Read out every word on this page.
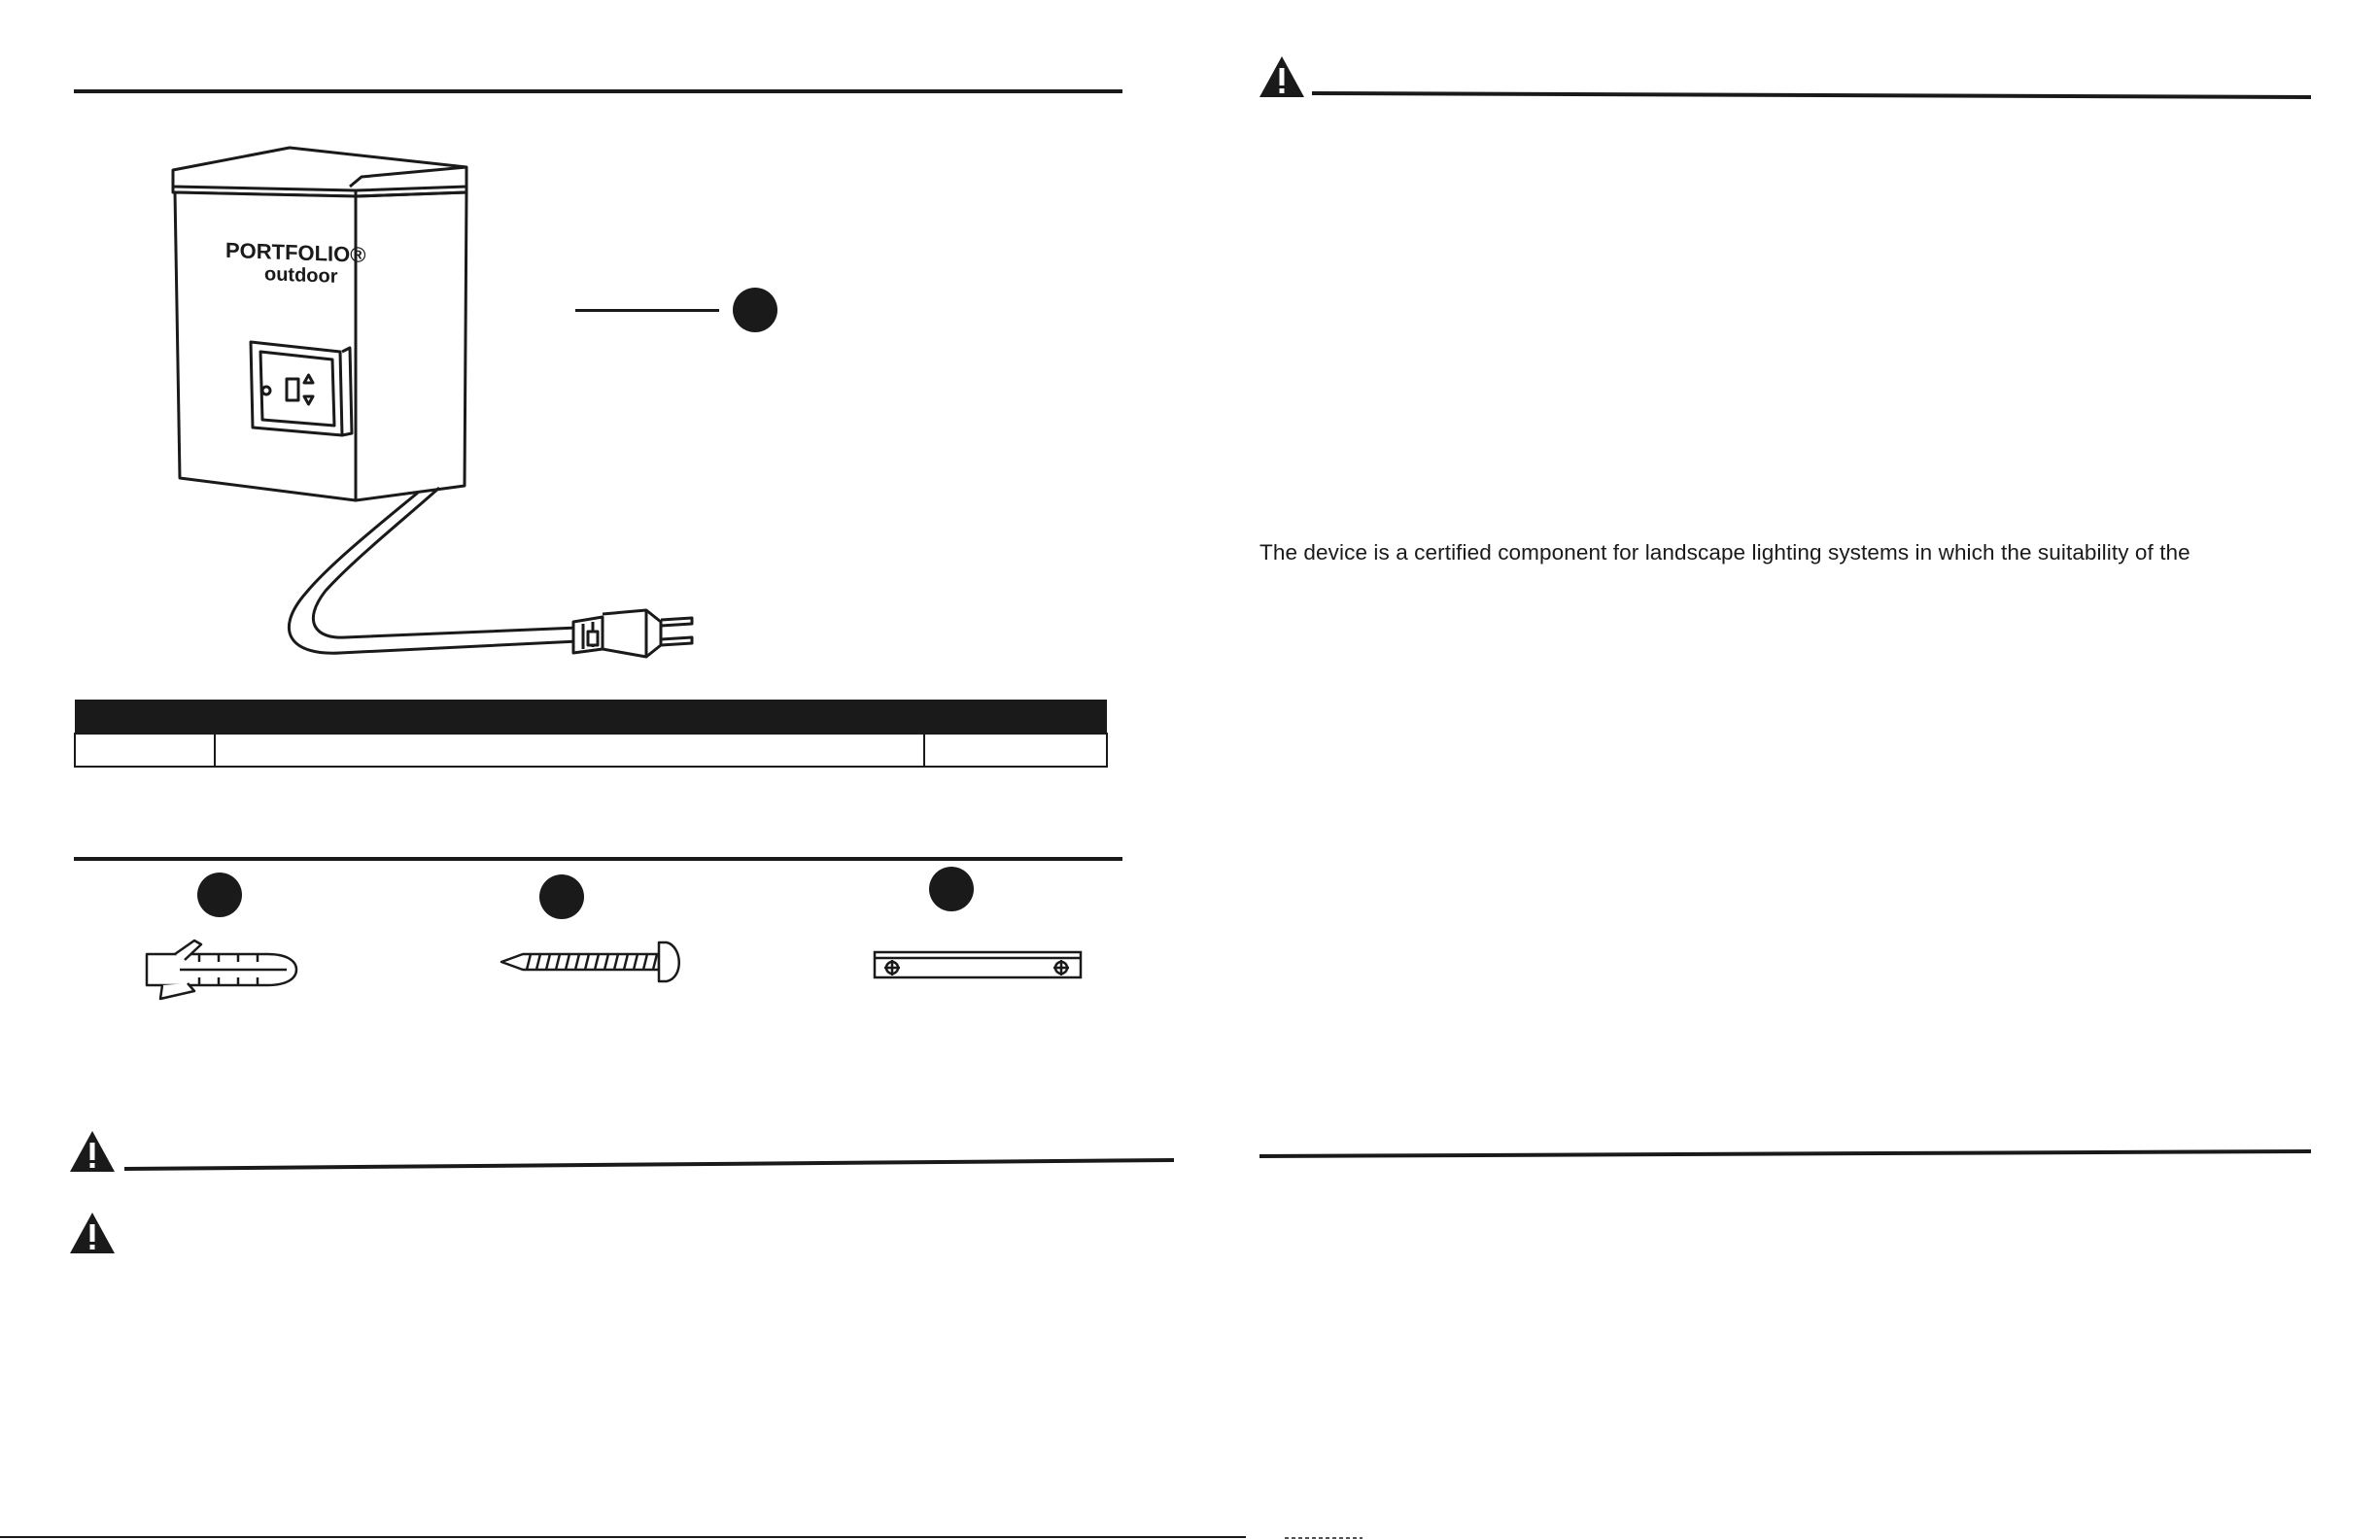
PORTFOLIO®
outdoor

The device is a certified component for landscape lighting systems in which the suitability of the
